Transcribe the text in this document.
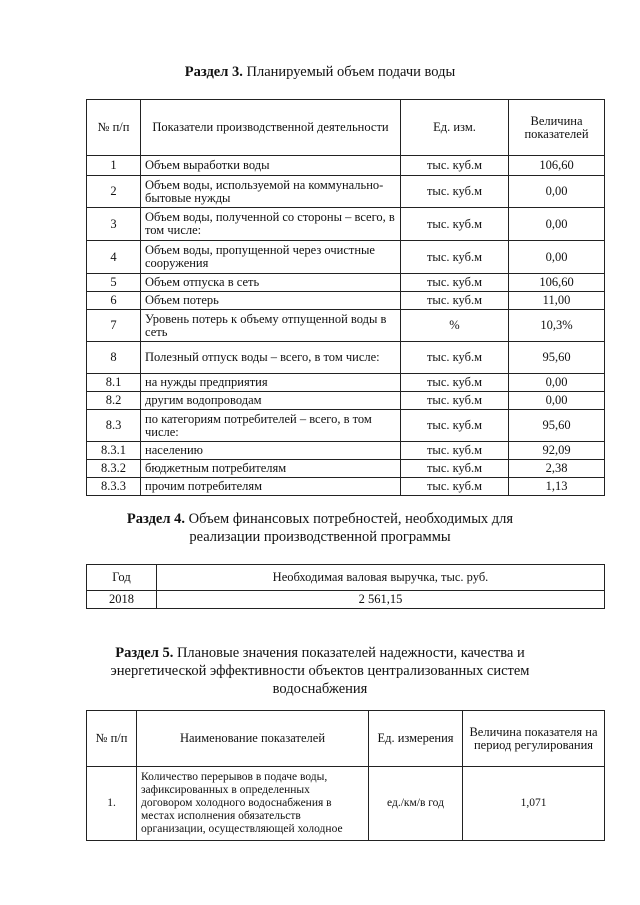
Раздел 3. Планируемый объем подачи воды
№ п/п	Показатели производственной деятельности	Ед. изм.	Величина показателей
1	Объем выработки воды	тыс. куб.м	106,60
2	Объем воды, используемой на коммунально-бытовые нужды	тыс. куб.м	0,00
3	Объем воды, полученной со стороны – всего, в том числе:	тыс. куб.м	0,00
4	Объем воды, пропущенной через очистные сооружения	тыс. куб.м	0,00
5	Объем отпуска в сеть	тыс. куб.м	106,60
6	Объем потерь	тыс. куб.м	11,00
7	Уровень потерь к объему отпущенной воды в сеть	%	10,3%
8	Полезный отпуск воды – всего, в том числе:	тыс. куб.м	95,60
8.1	на нужды предприятия	тыс. куб.м	0,00
8.2	другим водопроводам	тыс. куб.м	0,00
8.3	по категориям потребителей – всего, в том числе:	тыс. куб.м	95,60
8.3.1	населению	тыс. куб.м	92,09
8.3.2	бюджетным потребителям	тыс. куб.м	2,38
8.3.3	прочим потребителям	тыс. куб.м	1,13
Раздел 4. Объем финансовых потребностей, необходимых для реализации производственной программы
Год	Необходимая валовая выручка, тыс. руб.
2018	2 561,15
Раздел 5. Плановые значения показателей надежности, качества и энергетической эффективности объектов централизованных систем водоснабжения
№ п/п	Наименование показателей	Ед. измерения	Величина показателя на период регулирования
1.	Количество перерывов в подаче воды, зафиксированных в определенных договором холодного водоснабжения в местах исполнения обязательств организации, осуществляющей холодное	ед./км/в год	1,071
